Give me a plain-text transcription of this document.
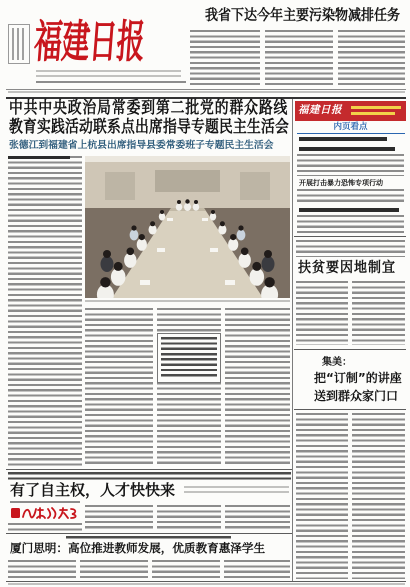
福建日报	我省下达今年主要污染物减排任务
中共中央政治局常委到第二批党的群众路线
教育实践活动联系点出席指导专题民主生活会
张德江到福建省上杭县出席指导县委常委班子专题民主生活会
有了自主权，人才快快来
厦门思明：高位推进教师发展，优质教育惠泽学生
福建日报
内页看点
开展打击暴力恐怖专项行动
扶贫要因地制宜
集美：
把“订制”的讲座
送到群众家门口
